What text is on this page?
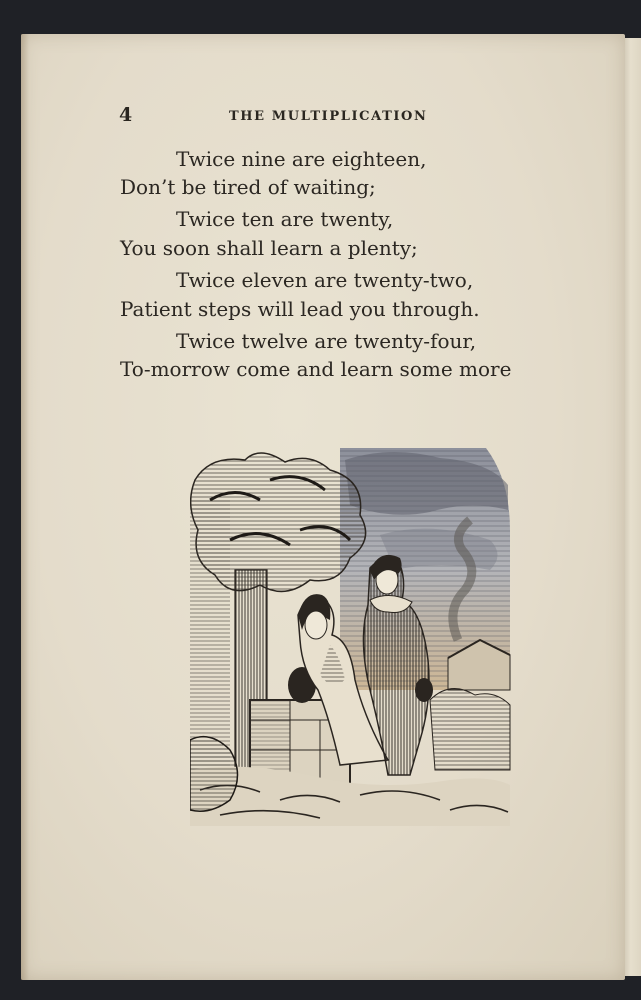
4	THE MULTIPLICATION
Twice nine are eighteen,
Don’t be tired of waiting;
Twice ten are twenty,
You soon shall learn a plenty;
Twice eleven are twenty-two,
Patient steps will lead you through.
Twice twelve are twenty-four,
To-morrow come and learn some more
